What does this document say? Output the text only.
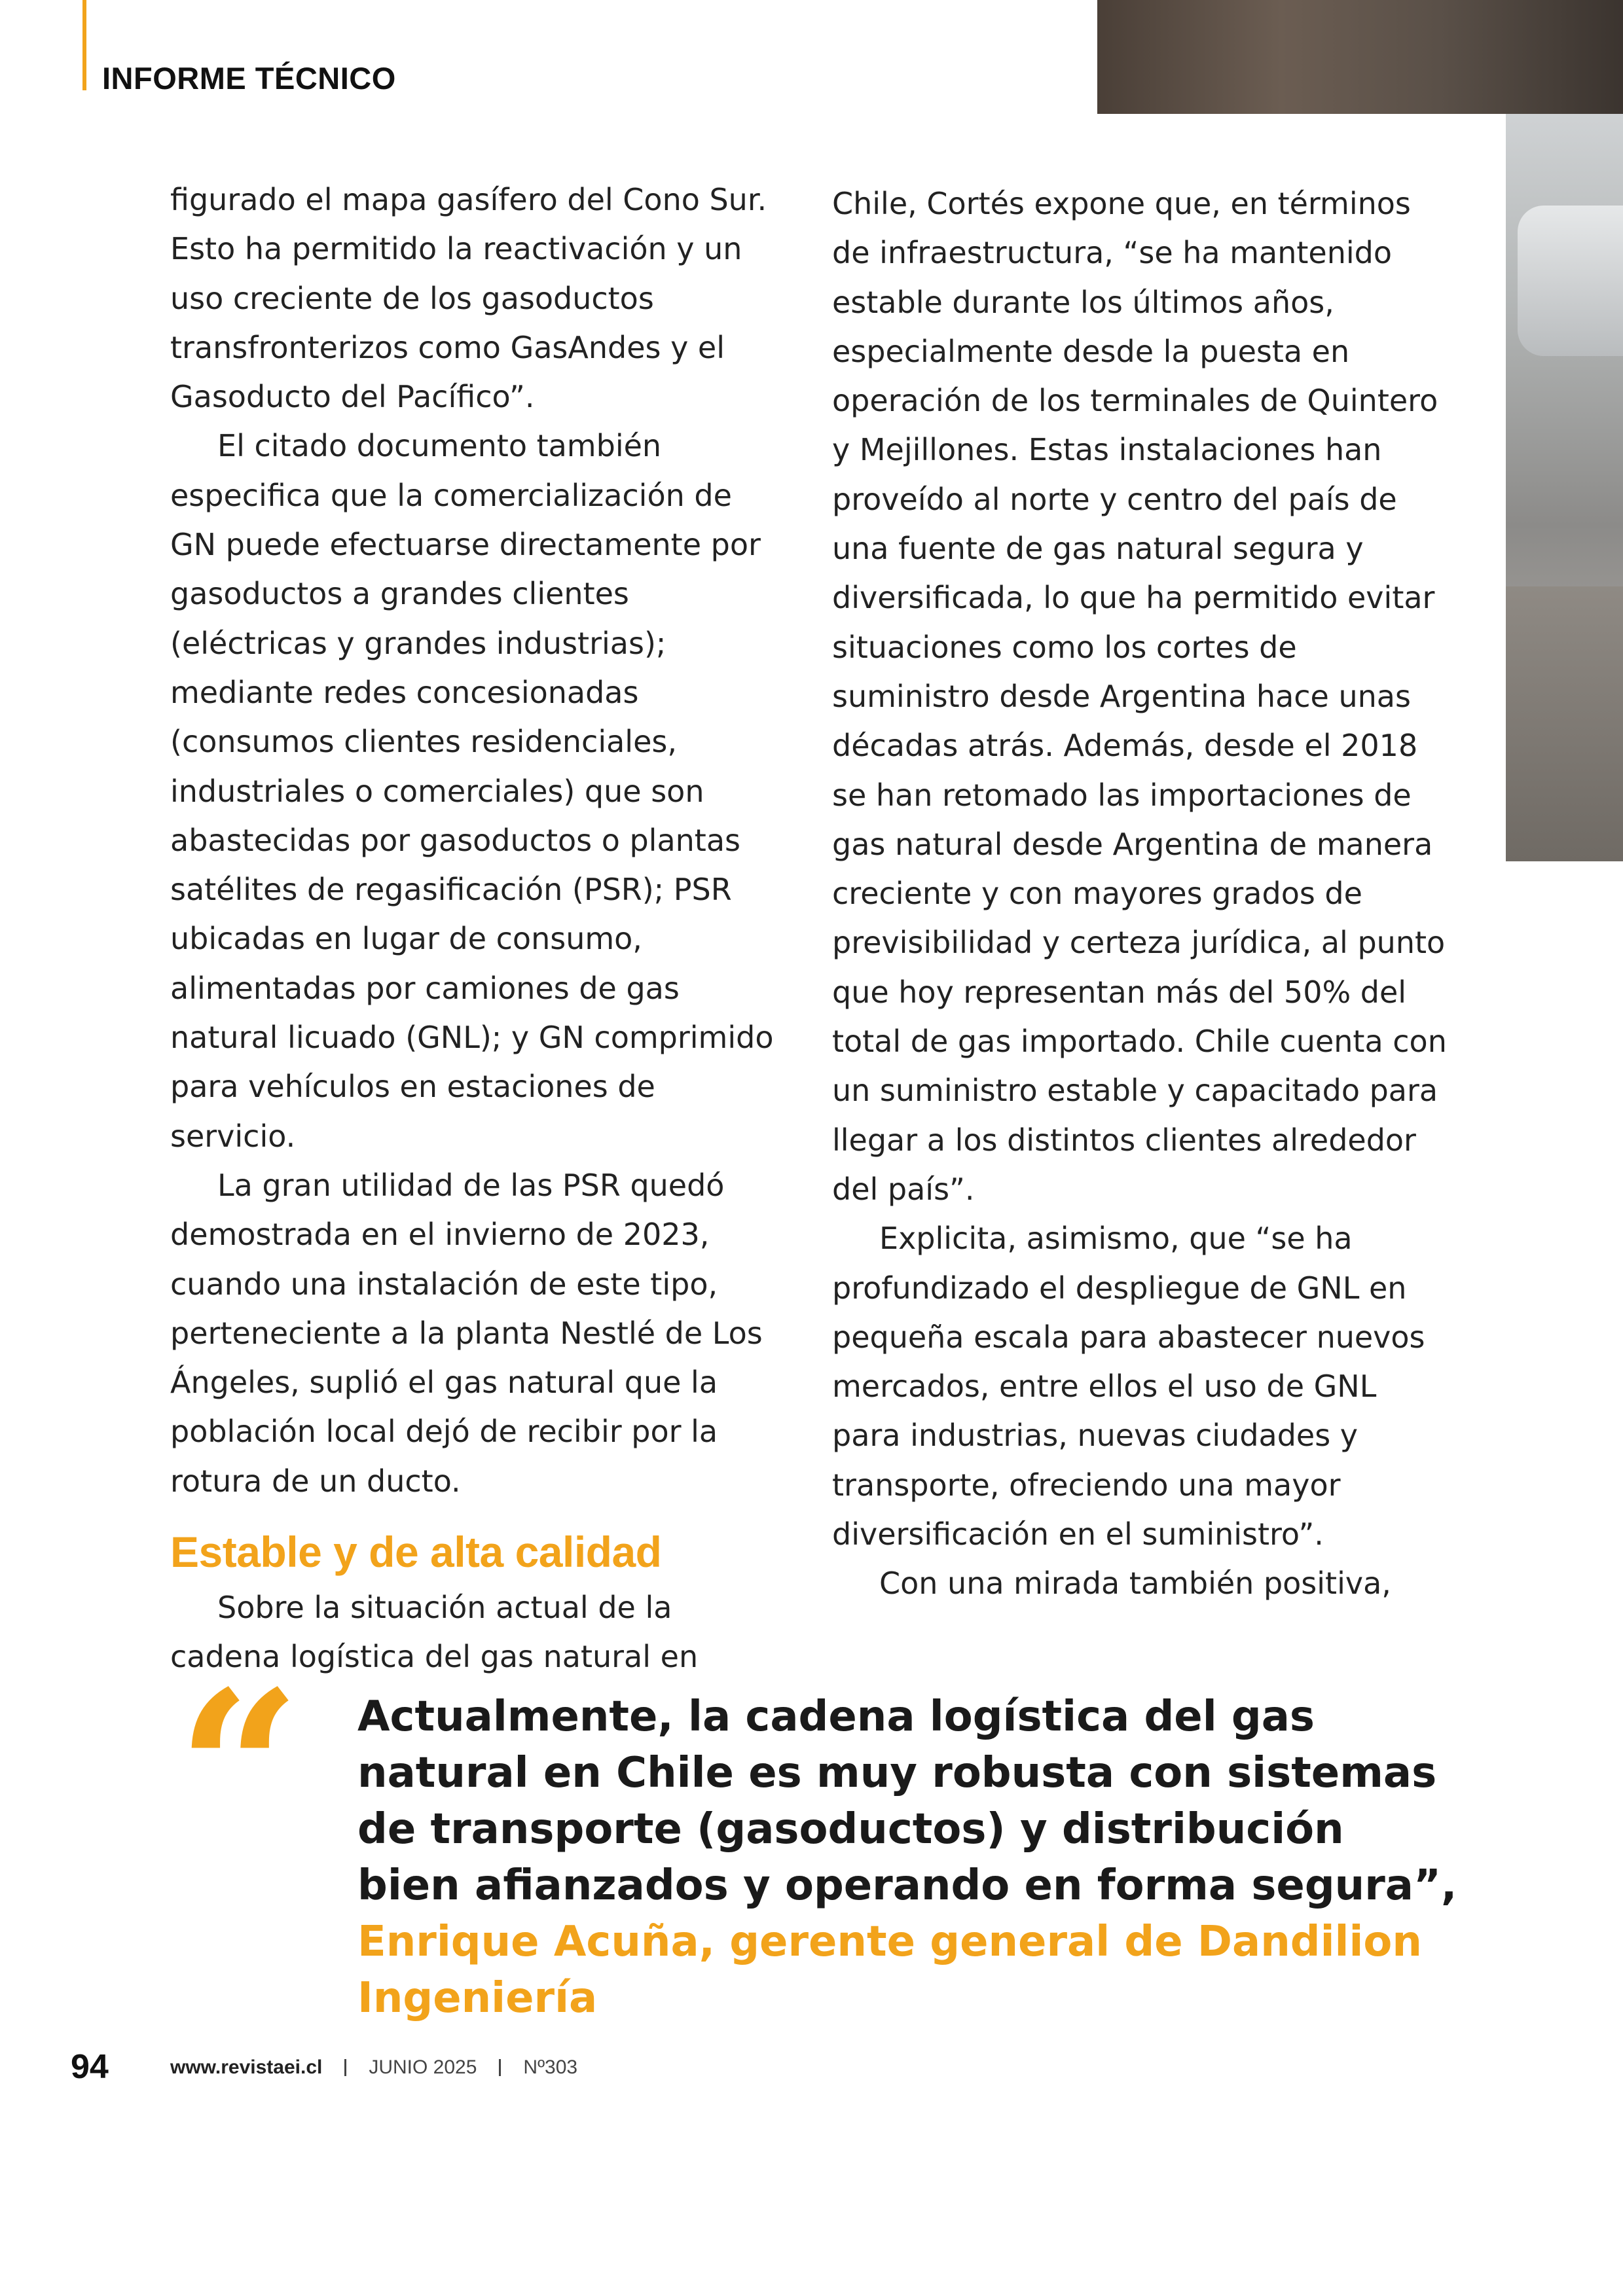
INFORME TÉCNICO

figurado el mapa gasífero del Cono Sur. Esto ha permitido la reactivación y un uso creciente de los gasoductos transfronterizos como GasAndes y el Gasoducto del Pacífico”.

El citado documento también especifica que la comercialización de GN puede efectuarse directamente por gasoductos a grandes clientes (eléctricas y grandes industrias); mediante redes concesionadas (consumos clientes residenciales, industriales o comerciales) que son abastecidas por gasoductos o plantas satélites de regasificación (PSR); PSR ubicadas en lugar de consumo, alimentadas por camiones de gas natural licuado (GNL); y GN comprimido para vehículos en estaciones de servicio.

La gran utilidad de las PSR quedó demostrada en el invierno de 2023, cuando una instalación de este tipo, perteneciente a la planta Nestlé de Los Ángeles, suplió el gas natural que la población local dejó de recibir por la rotura de un ducto.

Estable y de alta calidad

Sobre la situación actual de la cadena logística del gas natural en

Chile, Cortés expone que, en términos de infraestructura, “se ha mantenido estable durante los últimos años, especialmente desde la puesta en operación de los terminales de Quintero y Mejillones. Estas instalaciones han proveído al norte y centro del país de una fuente de gas natural segura y diversificada, lo que ha permitido evitar situaciones como los cortes de suministro desde Argentina hace unas décadas atrás. Además, desde el 2018 se han retomado las importaciones de gas natural desde Argentina de manera creciente y con mayores grados de previsibilidad y certeza jurídica, al punto que hoy representan más del 50% del total de gas importado. Chile cuenta con un suministro estable y capacitado para llegar a los distintos clientes alrededor del país”.

Explicita, asimismo, que “se ha profundizado el despliegue de GNL en pequeña escala para abastecer nuevos mercados, entre ellos el uso de GNL para industrias, nuevas ciudades y transporte, ofreciendo una mayor diversificación en el suministro”.

Con una mirada también positiva,

“ Actualmente, la cadena logística del gas natural en Chile es muy robusta con sistemas de transporte (gasoductos) y distribución bien afianzados y operando en forma segura”, Enrique Acuña, gerente general de Dandilion Ingeniería

94	www.revistaei.cl JUNIO 2025 Nº303
